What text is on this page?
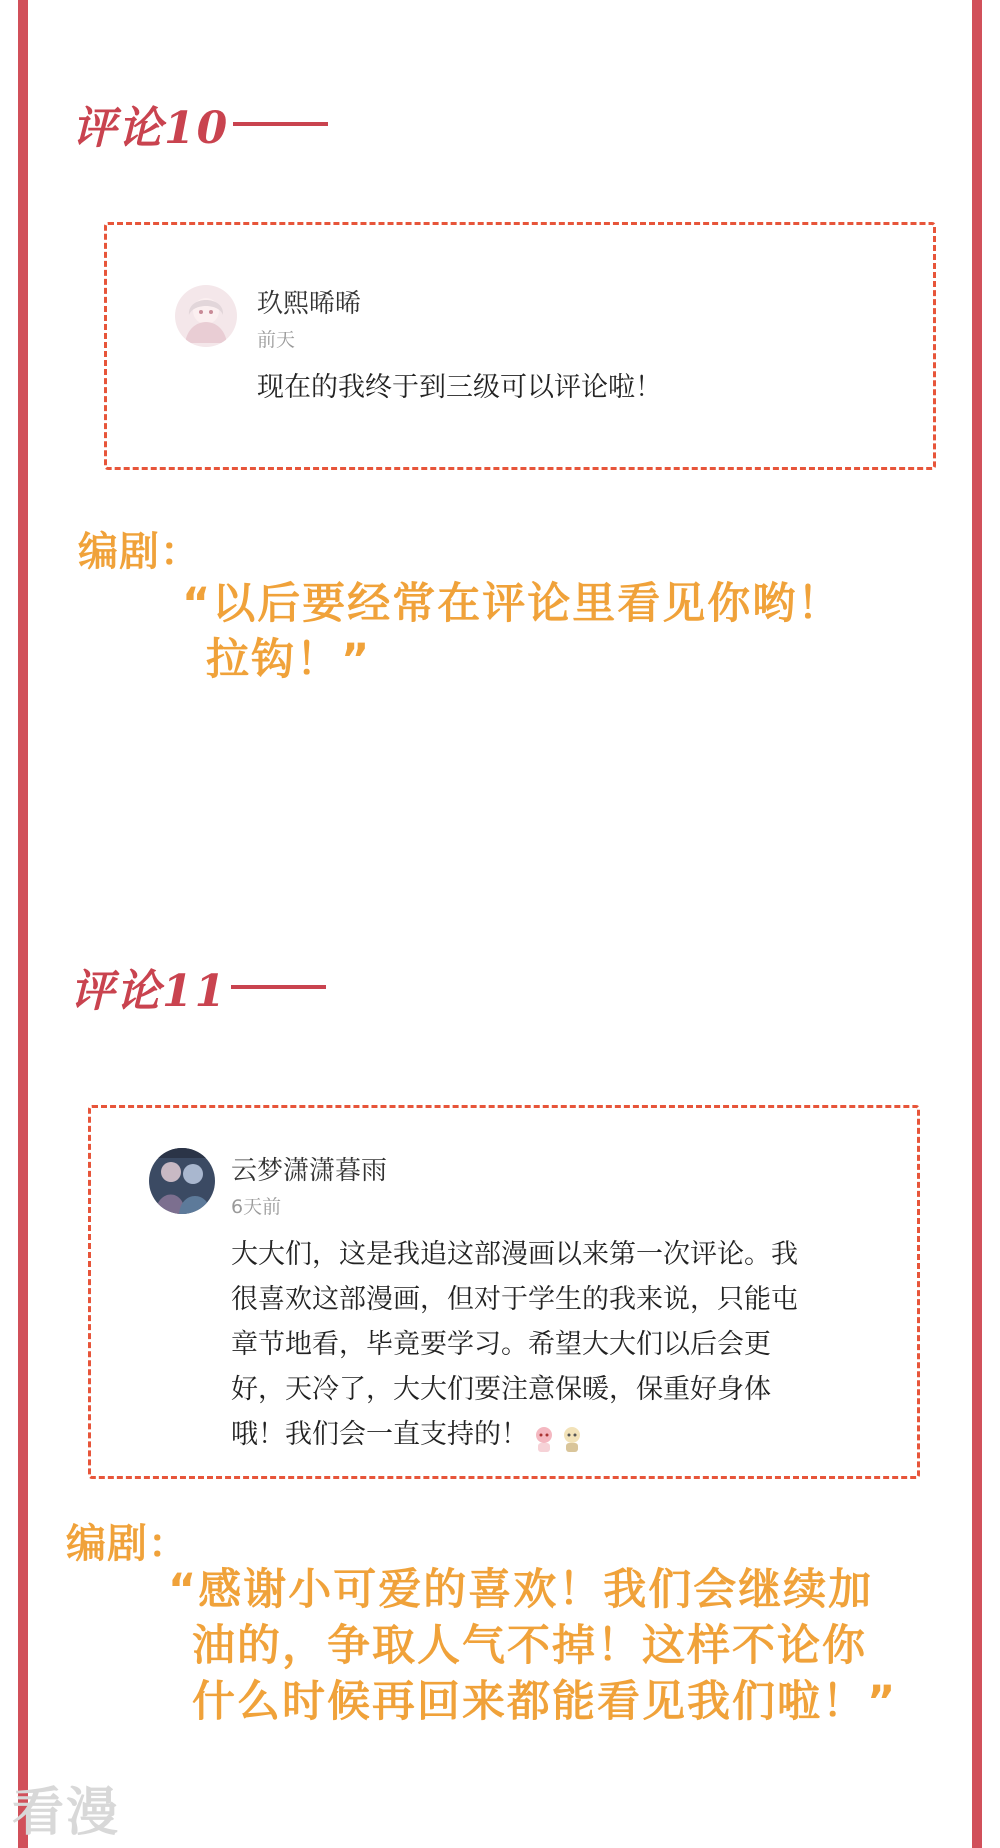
评论10
玖熙晞晞
前天
现在的我终于到三级可以评论啦！
编剧：
“以后要经常在评论里看见你哟！
拉钩！”
评论11
云梦潇潇暮雨
6天前
大大们，这是我追这部漫画以来第一次评论。我
很喜欢这部漫画，但对于学生的我来说，只能屯
章节地看，毕竟要学习。希望大大们以后会更
好，天冷了，大大们要注意保暖，保重好身体
哦！我们会一直支持的！
编剧：
“感谢小可爱的喜欢！我们会继续加
油的，争取人气不掉！这样不论你
什么时候再回来都能看见我们啦！”
看漫
